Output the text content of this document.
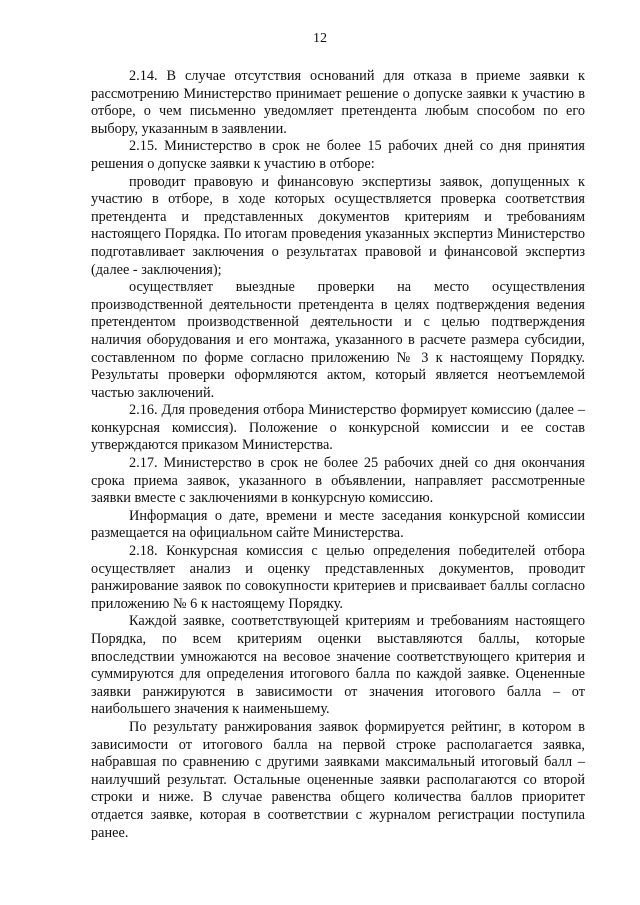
12

2.14. В случае отсутствия оснований для отказа в приеме заявки к рассмотрению Министерство принимает решение о допуске заявки к участию в отборе, о чем письменно уведомляет претендента любым способом по его выбору, указанным в заявлении.

2.15. Министерство в срок не более 15 рабочих дней со дня принятия решения о допуске заявки к участию в отборе:

проводит правовую и финансовую экспертизы заявок, допущенных к участию в отборе, в ходе которых осуществляется проверка соответствия претендента и представленных документов критериям и требованиям настоящего Порядка. По итогам проведения указанных экспертиз Министерство подготавливает заключения о результатах правовой и финансовой экспертиз (далее - заключения);

осуществляет выездные проверки на место осуществления производственной деятельности претендента в целях подтверждения ведения претендентом производственной деятельности и с целью подтверждения наличия оборудования и его монтажа, указанного в расчете размера субсидии, составленном по форме согласно приложению № 3 к настоящему Порядку. Результаты проверки оформляются актом, который является неотъемлемой частью заключений.

2.16. Для проведения отбора Министерство формирует комиссию (далее – конкурсная комиссия). Положение о конкурсной комиссии и ее состав утверждаются приказом Министерства.

2.17. Министерство в срок не более 25 рабочих дней со дня окончания срока приема заявок, указанного в объявлении, направляет рассмотренные заявки вместе с заключениями в конкурсную комиссию.

Информация о дате, времени и месте заседания конкурсной комиссии размещается на официальном сайте Министерства.

2.18. Конкурсная комиссия с целью определения победителей отбора осуществляет анализ и оценку представленных документов, проводит ранжирование заявок по совокупности критериев и присваивает баллы согласно приложению № 6 к настоящему Порядку.

Каждой заявке, соответствующей критериям и требованиям настоящего Порядка, по всем критериям оценки выставляются баллы, которые впоследствии умножаются на весовое значение соответствующего критерия и суммируются для определения итогового балла по каждой заявке. Оцененные заявки ранжируются в зависимости от значения итогового балла – от наибольшего значения к наименьшему.

По результату ранжирования заявок формируется рейтинг, в котором в зависимости от итогового балла на первой строке располагается заявка, набравшая по сравнению с другими заявками максимальный итоговый балл – наилучший результат. Остальные оцененные заявки располагаются со второй строки и ниже. В случае равенства общего количества баллов приоритет отдается заявке, которая в соответствии с журналом регистрации поступила ранее.
